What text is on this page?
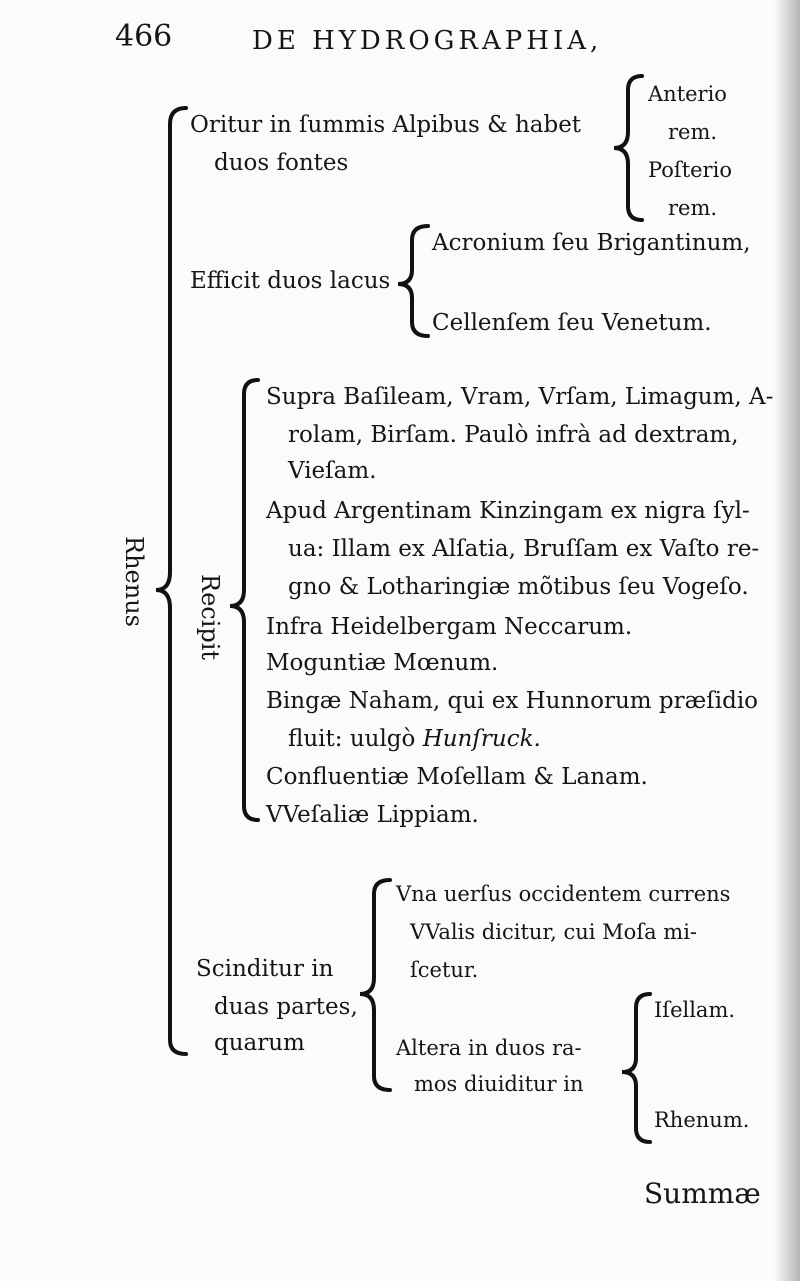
466	DE HYDROGRAPHIA,
Rhenus
Oritur in ſummis Alpibus & habet
duos fontes
Anterio
rem.
Poſterio
rem.
Efficit duos lacus
Acronium ſeu Brigantinum,
Cellenſem ſeu Venetum.
Recipit
Supra Baſileam, Vram, Vrſam, Limagum, A-
rolam, Birſam. Paulò infrà ad dextram,
Vieſam.
Apud Argentinam Kinzingam ex nigra ſyl-
ua: Illam ex Alſatia, Bruſſam ex Vaſto re-
gno & Lotharingiæ mõtibus ſeu Vogeſo.
Infra Heidelbergam Neccarum.
Moguntiæ Mœnum.
Bingæ Naham, qui ex Hunnorum præſidio
fluit: uulgò Hunſruck.
Confluentiæ Moſellam & Lanam.
VVeſaliæ Lippiam.
Scinditur in
duas partes,
quarum
Vna uerſus occidentem currens
VValis dicitur, cui Moſa mi-
ſcetur.
Altera in duos ra-
mos diuiditur in
Iſellam.
Rhenum.
Summæ
